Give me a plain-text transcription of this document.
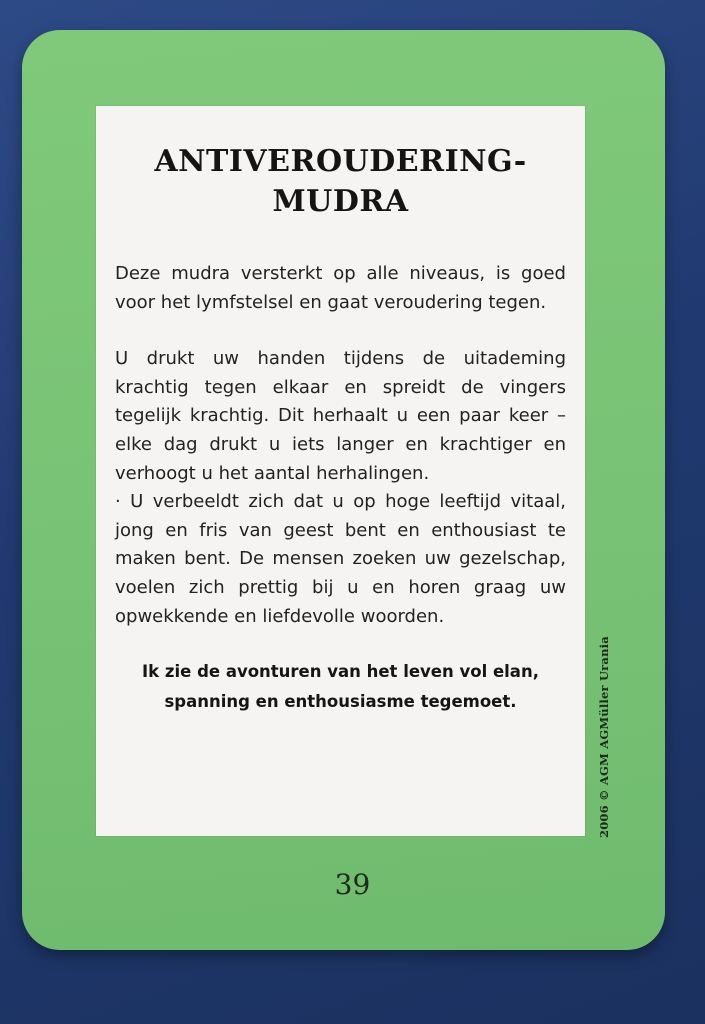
ANTIVEROUDERING-
MUDRA

Deze mudra versterkt op alle niveaus, is goed voor het lymfstelsel en gaat veroudering tegen.

U drukt uw handen tijdens de uitademing krachtig tegen elkaar en spreidt de vingers tegelijk krachtig. Dit herhaalt u een paar keer – elke dag drukt u iets langer en krachtiger en verhoogt u het aantal herhalingen.

· U verbeeldt zich dat u op hoge leeftijd vitaal, jong en fris van geest bent en enthousiast te maken bent. De mensen zoeken uw gezelschap, voelen zich prettig bij u en horen graag uw opwekkende en liefdevolle woorden.

Ik zie de avonturen van het leven vol elan,
spanning en enthousiasme tegemoet.	2006 © AGM AGMüller Urania
39
